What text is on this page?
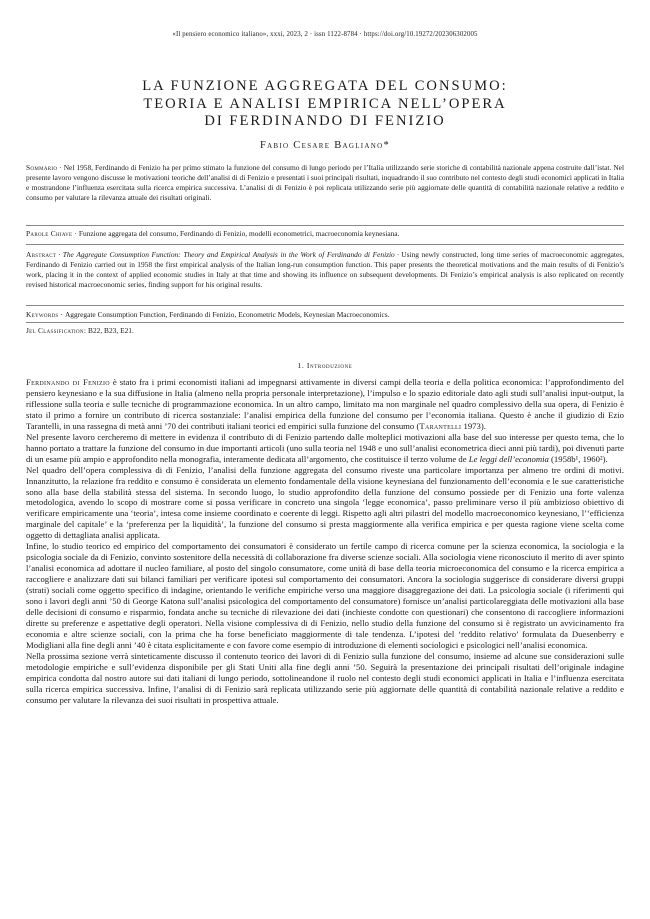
«Il pensiero economico italiano», xxxi, 2023, 2 · issn 1122-8784 · https://doi.org/10.19272/202306302005
LA FUNZIONE AGGREGATA DEL CONSUMO:
TEORIA E ANALISI EMPIRICA NELL’OPERA
DI FERDINANDO DI FENIZIO
Fabio Cesare Bagliano*
Sommario · Nel 1958, Ferdinando di Fenizio ha per primo stimato la funzione del consumo di lungo periodo per l’Italia utilizzando serie storiche di contabilità nazionale appena costruite dall’istat. Nel presente lavoro vengono discusse le motivazioni teoriche dell’analisi di di Fenizio e presentati i suoi principali risultati, inquadrando il suo contributo nel contesto degli studi economici applicati in Italia e mostrandone l’influenza esercitata sulla ricerca empirica successiva. L’analisi di di Fenizio è poi replicata utilizzando serie più aggiornate delle quantità di contabilità nazionale relative a reddito e consumo per valutare la rilevanza attuale dei risultati originali.
Parole Chiave · Funzione aggregata del consumo, Ferdinando di Fenizio, modelli econometrici, macroeconomia keynesiana.
Abstract · The Aggregate Consumption Function: Theory and Empirical Analysis in the Work of Ferdinando di Fenizio · Using newly constructed, long time series of macroeconomic aggregates, Ferdinando di Fenizio carried out in 1958 the first empirical analysis of the Italian long-run consumption function. This paper presents the theoretical motivations and the main results of di Fenizio’s work, placing it in the context of applied economic studies in Italy at that time and showing its influence on subsequent developments. Di Fenizio’s empirical analysis is also replicated on recently revised historical macroeconomic series, finding support for his original results.
Keywords · Aggregate Consumption Function, Ferdinando di Fenizio, Econometric Models, Keynesian Macroeconomics.
Jel Classification: B22, B23, E21.
1. Introduzione

Ferdinando di Fenizio è stato fra i primi economisti italiani ad impegnarsi attivamente in diversi campi della teoria e della politica economica: l’approfondimento del pensiero keynesiano e la sua diffusione in Italia (almeno nella propria personale interpretazione), l’impulso e lo spazio editoriale dato agli studi sull’analisi input-output, la riflessione sulla teoria e sulle tecniche di programmazione economica. In un altro campo, limitato ma non marginale nel quadro complessivo della sua opera, di Fenizio è stato il primo a fornire un contributo di ricerca sostanziale: l’analisi empirica della funzione del consumo per l’economia italiana. Questo è anche il giudizio di Ezio Tarantelli, in una rassegna di metà anni ’70 dei contributi italiani teorici ed empirici sulla funzione del consumo (Tarantelli 1973).

Nel presente lavoro cercheremo di mettere in evidenza il contributo di di Fenizio partendo dalle molteplici motivazioni alla base del suo interesse per questo tema, che lo hanno portato a trattare la funzione del consumo in due importanti articoli (uno sulla teoria nel 1948 e uno sull’analisi econometrica dieci anni più tardi), poi divenuti parte di un esame più ampio e approfondito nella monografia, interamente dedicata all’argomento, che costituisce il terzo volume de Le leggi dell’economia (1958b¹, 1960²).

Nel quadro dell’opera complessiva di di Fenizio, l’analisi della funzione aggregata del consumo riveste una particolare importanza per almeno tre ordini di motivi. Innanzitutto, la relazione fra reddito e consumo è considerata un elemento fondamentale della visione keynesiana del funzionamento dell’economia e le sue caratteristiche sono alla base della stabilità stessa del sistema. In secondo luogo, lo studio approfondito della funzione del consumo possiede per di Fenizio una forte valenza metodologica, avendo lo scopo di mostrare come si possa verificare in concreto una singola ‘legge economica’, passo preliminare verso il più ambizioso obiettivo di verificare empiricamente una ‘teoria’, intesa come insieme coordinato e coerente di leggi. Rispetto agli altri pilastri del modello macroeconomico keynesiano, l’‘efficienza marginale del capitale’ e la ‘preferenza per la liquidità’, la funzione del consumo si presta maggiormente alla verifica empirica e per questa ragione viene scelta come oggetto di dettagliata analisi applicata.

Infine, lo studio teorico ed empirico del comportamento dei consumatori è considerato un fertile campo di ricerca comune per la scienza economica, la sociologia e la psicologia sociale da di Fenizio, convinto sostenitore della necessità di collaborazione fra diverse scienze sociali. Alla sociologia viene riconosciuto il merito di aver spinto l’analisi economica ad adottare il nucleo familiare, al posto del singolo consumatore, come unità di base della teoria microeconomica del consumo e la ricerca empirica a raccogliere e analizzare dati sui bilanci familiari per verificare ipotesi sul comportamento dei consumatori. Ancora la sociologia suggerisce di considerare diversi gruppi (strati) sociali come oggetto specifico di indagine, orientando le verifiche empiriche verso una maggiore disaggregazione dei dati. La psicologia sociale (i riferimenti qui sono i lavori degli anni ’50 di George Katona sull’analisi psicologica del comportamento del consumatore) fornisce un’analisi particolareggiata delle motivazioni alla base delle decisioni di consumo e risparmio, fondata anche su tecniche di rilevazione dei dati (inchieste condotte con questionari) che consentono di raccogliere informazioni dirette su preferenze e aspettative degli operatori. Nella visione complessiva di di Fenizio, nello studio della funzione del consumo si è registrato un avvicinamento fra economia e altre scienze sociali, con la prima che ha forse beneficiato maggiormente di tale tendenza. L’ipotesi del ‘reddito relativo’ formulata da Duesenberry e Modigliani alla fine degli anni ’40 è citata esplicitamente e con favore come esempio di introduzione di elementi sociologici e psicologici nell’analisi economica.

Nella prossima sezione verrà sinteticamente discusso il contenuto teorico dei lavori di di Fenizio sulla funzione del consumo, insieme ad alcune sue considerazioni sulle metodologie empiriche e sull’evidenza disponibile per gli Stati Uniti alla fine degli anni ’50. Seguirà la presentazione dei principali risultati dell’originale indagine empirica condotta dal nostro autore sui dati italiani di lungo periodo, sottolineandone il ruolo nel contesto degli studi economici applicati in Italia e l’influenza esercitata sulla ricerca empirica successiva. Infine, l’analisi di di Fenizio sarà replicata utilizzando serie più aggiornate delle quantità di contabilità nazionale relative a reddito e consumo per valutare la rilevanza dei suoi risultati in prospettiva attuale.
